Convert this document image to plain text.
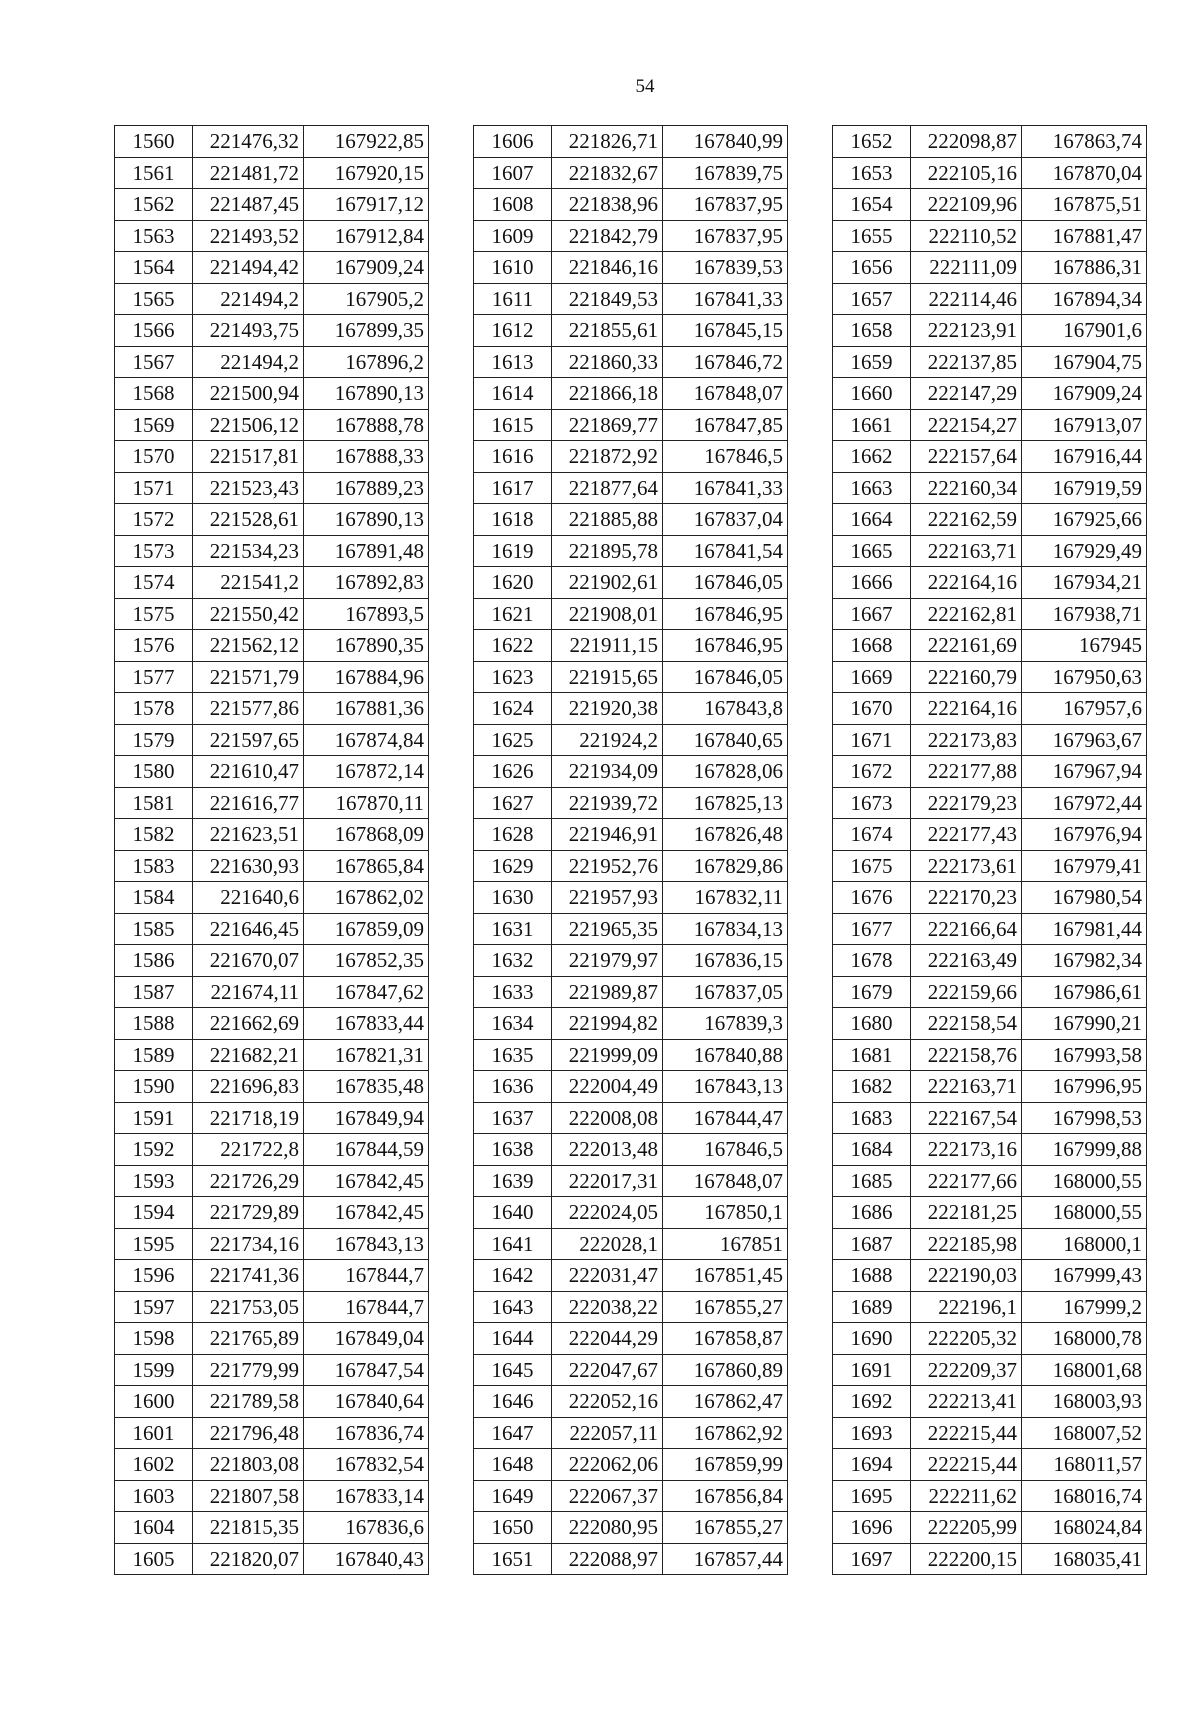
54
1560	221476,32	167922,85
1561	221481,72	167920,15
1562	221487,45	167917,12
1563	221493,52	167912,84
1564	221494,42	167909,24
1565	221494,2	167905,2
1566	221493,75	167899,35
1567	221494,2	167896,2
1568	221500,94	167890,13
1569	221506,12	167888,78
1570	221517,81	167888,33
1571	221523,43	167889,23
1572	221528,61	167890,13
1573	221534,23	167891,48
1574	221541,2	167892,83
1575	221550,42	167893,5
1576	221562,12	167890,35
1577	221571,79	167884,96
1578	221577,86	167881,36
1579	221597,65	167874,84
1580	221610,47	167872,14
1581	221616,77	167870,11
1582	221623,51	167868,09
1583	221630,93	167865,84
1584	221640,6	167862,02
1585	221646,45	167859,09
1586	221670,07	167852,35
1587	221674,11	167847,62
1588	221662,69	167833,44
1589	221682,21	167821,31
1590	221696,83	167835,48
1591	221718,19	167849,94
1592	221722,8	167844,59
1593	221726,29	167842,45
1594	221729,89	167842,45
1595	221734,16	167843,13
1596	221741,36	167844,7
1597	221753,05	167844,7
1598	221765,89	167849,04
1599	221779,99	167847,54
1600	221789,58	167840,64
1601	221796,48	167836,74
1602	221803,08	167832,54
1603	221807,58	167833,14
1604	221815,35	167836,6
1605	221820,07	167840,43
1606	221826,71	167840,99
1607	221832,67	167839,75
1608	221838,96	167837,95
1609	221842,79	167837,95
1610	221846,16	167839,53
1611	221849,53	167841,33
1612	221855,61	167845,15
1613	221860,33	167846,72
1614	221866,18	167848,07
1615	221869,77	167847,85
1616	221872,92	167846,5
1617	221877,64	167841,33
1618	221885,88	167837,04
1619	221895,78	167841,54
1620	221902,61	167846,05
1621	221908,01	167846,95
1622	221911,15	167846,95
1623	221915,65	167846,05
1624	221920,38	167843,8
1625	221924,2	167840,65
1626	221934,09	167828,06
1627	221939,72	167825,13
1628	221946,91	167826,48
1629	221952,76	167829,86
1630	221957,93	167832,11
1631	221965,35	167834,13
1632	221979,97	167836,15
1633	221989,87	167837,05
1634	221994,82	167839,3
1635	221999,09	167840,88
1636	222004,49	167843,13
1637	222008,08	167844,47
1638	222013,48	167846,5
1639	222017,31	167848,07
1640	222024,05	167850,1
1641	222028,1	167851
1642	222031,47	167851,45
1643	222038,22	167855,27
1644	222044,29	167858,87
1645	222047,67	167860,89
1646	222052,16	167862,47
1647	222057,11	167862,92
1648	222062,06	167859,99
1649	222067,37	167856,84
1650	222080,95	167855,27
1651	222088,97	167857,44
1652	222098,87	167863,74
1653	222105,16	167870,04
1654	222109,96	167875,51
1655	222110,52	167881,47
1656	222111,09	167886,31
1657	222114,46	167894,34
1658	222123,91	167901,6
1659	222137,85	167904,75
1660	222147,29	167909,24
1661	222154,27	167913,07
1662	222157,64	167916,44
1663	222160,34	167919,59
1664	222162,59	167925,66
1665	222163,71	167929,49
1666	222164,16	167934,21
1667	222162,81	167938,71
1668	222161,69	167945
1669	222160,79	167950,63
1670	222164,16	167957,6
1671	222173,83	167963,67
1672	222177,88	167967,94
1673	222179,23	167972,44
1674	222177,43	167976,94
1675	222173,61	167979,41
1676	222170,23	167980,54
1677	222166,64	167981,44
1678	222163,49	167982,34
1679	222159,66	167986,61
1680	222158,54	167990,21
1681	222158,76	167993,58
1682	222163,71	167996,95
1683	222167,54	167998,53
1684	222173,16	167999,88
1685	222177,66	168000,55
1686	222181,25	168000,55
1687	222185,98	168000,1
1688	222190,03	167999,43
1689	222196,1	167999,2
1690	222205,32	168000,78
1691	222209,37	168001,68
1692	222213,41	168003,93
1693	222215,44	168007,52
1694	222215,44	168011,57
1695	222211,62	168016,74
1696	222205,99	168024,84
1697	222200,15	168035,41
